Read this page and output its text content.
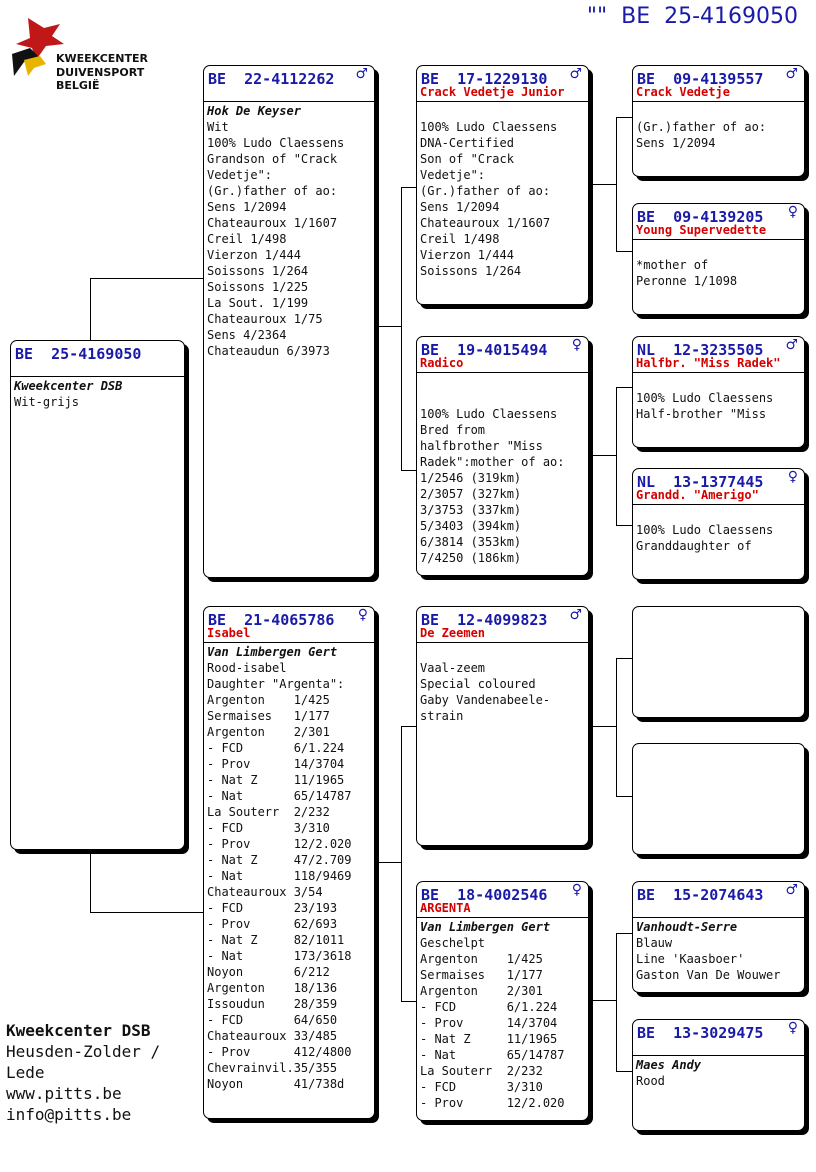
KWEEKCENTER
DUIVENSPORT BELGIË
""  BE  25-4169050
BE  25-4169050
Kweekcenter DSB
Wit-grijs
BE  22-4112262 ♂
Hok De Keyser
Wit
100% Ludo Claessens
Grandson of "Crack
Vedetje":
(Gr.)father of ao:
Sens 1/2094
Chateauroux 1/1607
Creil 1/498
Vierzon 1/444
Soissons 1/264
Soissons 1/225
La Sout. 1/199
Chateauroux 1/75
Sens 4/2364
Chateaudun 6/3973
BE  21-4065786 ♀
Isabel
Van Limbergen Gert
Rood-isabel
Daughter "Argenta":
Argenton    1/425
Sermaises   1/177
Argenton    2/301
- FCD       6/1.224
- Prov      14/3704
- Nat Z     11/1965
- Nat       65/14787
La Souterr  2/232
- FCD       3/310
- Prov      12/2.020
- Nat Z     47/2.709
- Nat       118/9469
Chateauroux 3/54
- FCD       23/193
- Prov      62/693
- Nat Z     82/1011
- Nat       173/3618
Noyon       6/212
Argenton    18/136
Issoudun    28/359
- FCD       64/650
Chateauroux 33/485
- Prov      412/4800
Chevrainvil.35/355
Noyon       41/738d
BE  17-1229130 ♂
Crack Vedetje Junior
100% Ludo Claessens
DNA-Certified
Son of "Crack
Vedetje":
(Gr.)father of ao:
Sens 1/2094
Chateauroux 1/1607
Creil 1/498
Vierzon 1/444
Soissons 1/264
BE  19-4015494 ♀
Radico
100% Ludo Claessens
Bred from
halfbrother "Miss
Radek":mother of ao:
1/2546 (319km)
2/3057 (327km)
3/3753 (337km)
5/3403 (394km)
6/3814 (353km)
7/4250 (186km)
BE  12-4099823 ♂
De Zeemen
Vaal-zeem
Special coloured
Gaby Vandenabeele-
strain
BE  18-4002546 ♀
ARGENTA
Van Limbergen Gert
Geschelpt
Argenton    1/425
Sermaises   1/177
Argenton    2/301
- FCD       6/1.224
- Prov      14/3704
- Nat Z     11/1965
- Nat       65/14787
La Souterr  2/232
- FCD       3/310
- Prov      12/2.020
BE  09-4139557 ♂
Crack Vedetje
(Gr.)father of ao:
Sens 1/2094
BE  09-4139205 ♀
Young Supervedette
*mother of
Peronne 1/1098
NL  12-3235505 ♂
Halfbr. "Miss Radek"
100% Ludo Claessens
Half-brother "Miss
NL  13-1377445 ♀
Grandd. "Amerigo"
100% Ludo Claessens
Granddaughter of
BE  15-2074643 ♂
Vanhoudt-Serre
Blauw
Line 'Kaasboer'
Gaston Van De Wouwer
BE  13-3029475 ♀
Maes Andy
Rood
Kweekcenter DSB
Heusden-Zolder /
Lede
www.pitts.be
info@pitts.be
